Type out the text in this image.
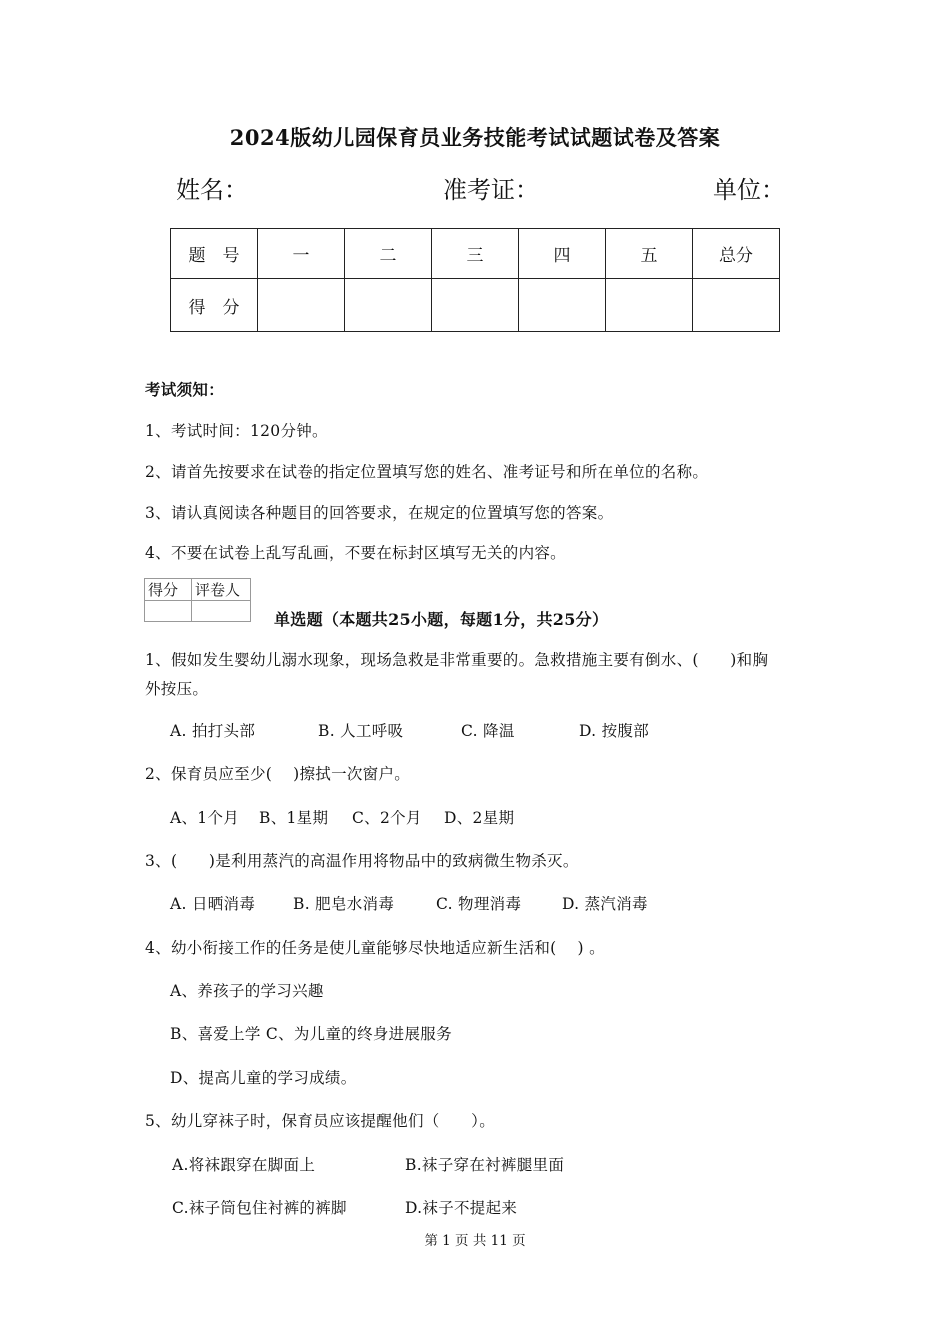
2024版幼儿园保育员业务技能考试试题试卷及答案
姓名：	准考证：	单位：
题　号	一	二	三	四	五	总分
得　分						
考试须知：
1、考试时间：120分钟。
2、请首先按要求在试卷的指定位置填写您的姓名、准考证号和所在单位的名称。
3、请认真阅读各种题目的回答要求，在规定的位置填写您的答案。
4、不要在试卷上乱写乱画，不要在标封区填写无关的内容。
得分	评卷人

单选题（本题共25小题，每题1分，共25分）
1、假如发生婴幼儿溺水现象，现场急救是非常重要的。急救措施主要有倒水、(　　)和胸
外按压。
A. 拍打头部	B. 人工呼吸	C. 降温	D. 按腹部
2、保育员应至少(　 )擦拭一次窗户。
A、1个月 B、1星期 C、2个月 D、2星期
3、(　　)是利用蒸汽的高温作用将物品中的致病微生物杀灭。
A. 日晒消毒 B. 肥皂水消毒	C. 物理消毒	D. 蒸汽消毒
4、幼小衔接工作的任务是使儿童能够尽快地适应新生活和(　 ) 。
A、养孩子的学习兴趣
B、喜爱上学 C、为儿童的终身进展服务
D、提高儿童的学习成绩。
5、幼儿穿袜子时，保育员应该提醒他们（　　）。
A.将袜跟穿在脚面上	B.袜子穿在衬裤腿里面
C.袜子筒包住衬裤的裤脚	D.袜子不提起来
第 1 页 共 11 页
